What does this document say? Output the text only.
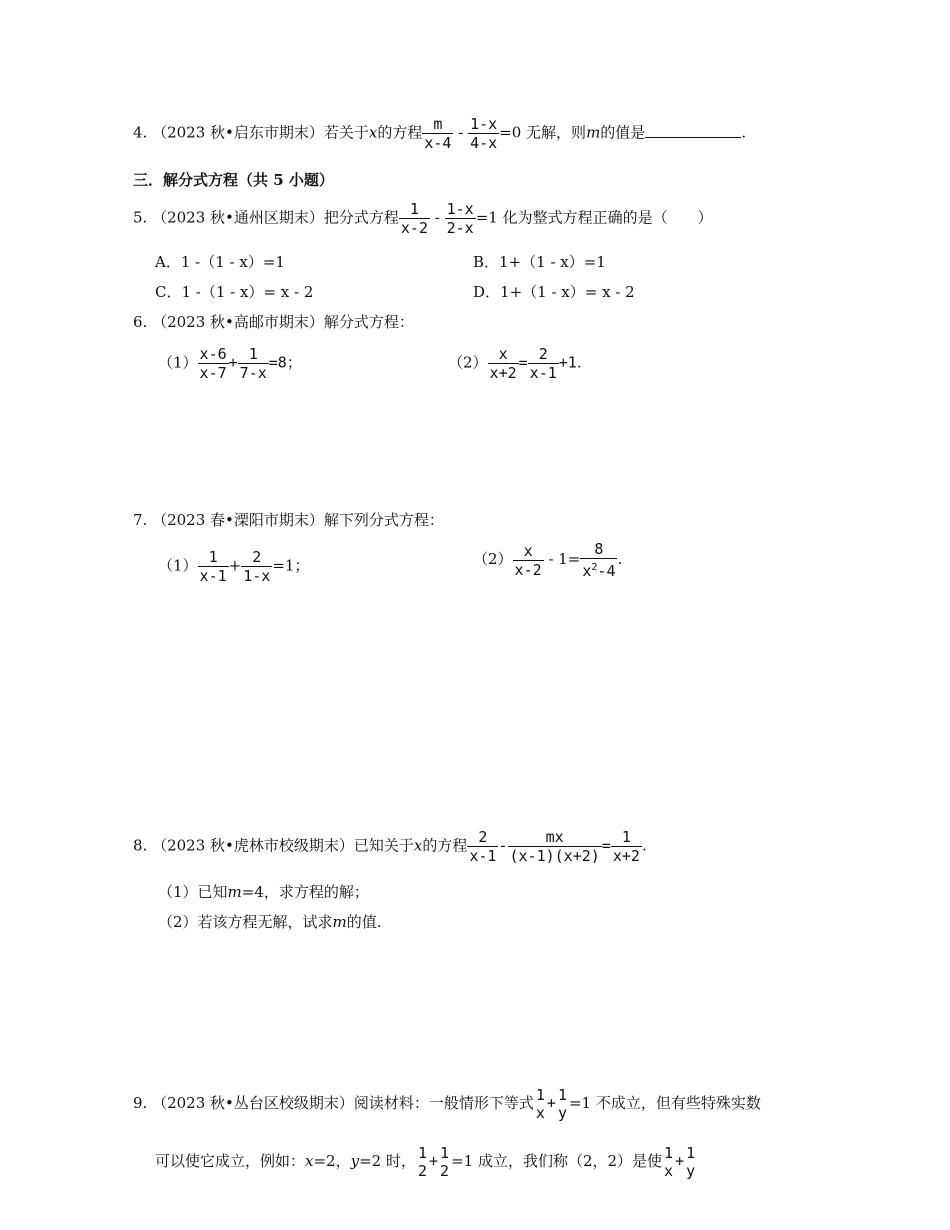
4. （2023 秋•启东市期末）若关于x的方程 $\frac{m}{x-4} - \frac{1-x}{4-x} =0$ 无解，则m的值是	.
三．解分式方程（共 5 小题）
5. （2023 秋•通州区期末）把分式方程 $\frac{1}{x-2} - \frac{1-x}{2-x} =1$ 化为整式方程正确的是（　　）
A．1 -（1 - x）=1	B．1+（1 - x）=1
C．1 -（1 - x）= x - 2	D．1+（1 - x）= x - 2
6. （2023 秋•高邮市期末）解分式方程：
$(1) \frac{x-6}{x-7} + \frac{1}{7-x} =8$；	$(2) \frac{x}{x+2} = \frac{2}{x-1} +1$.
7. （2023 春•溧阳市期末）解下列分式方程：
$(1) \frac{1}{x-1} + \frac{2}{1-x} =1$；	$(2) \frac{x}{x-2} - 1= \frac{8}{x^2-4}$ .
8. （2023 秋•虎林市校级期末）已知关于x的方程 $\frac{2}{x-1} - \frac{mx}{(x-1)(x+2)} = \frac{1}{x+2}$ .
（1）已知m=4，求方程的解；
（2）若该方程无解，试求m的值.
9. （2023 秋•丛台区校级期末）阅读材料：一般情形下等式 1
x
+ 1
y
=1 不成立，但有些特殊实数
可以使它成立，例如：x=2，y=2 时， 1
2
+ 1
2
=1 成立，我们称（2，2）是使 1
x
+ 1
y
